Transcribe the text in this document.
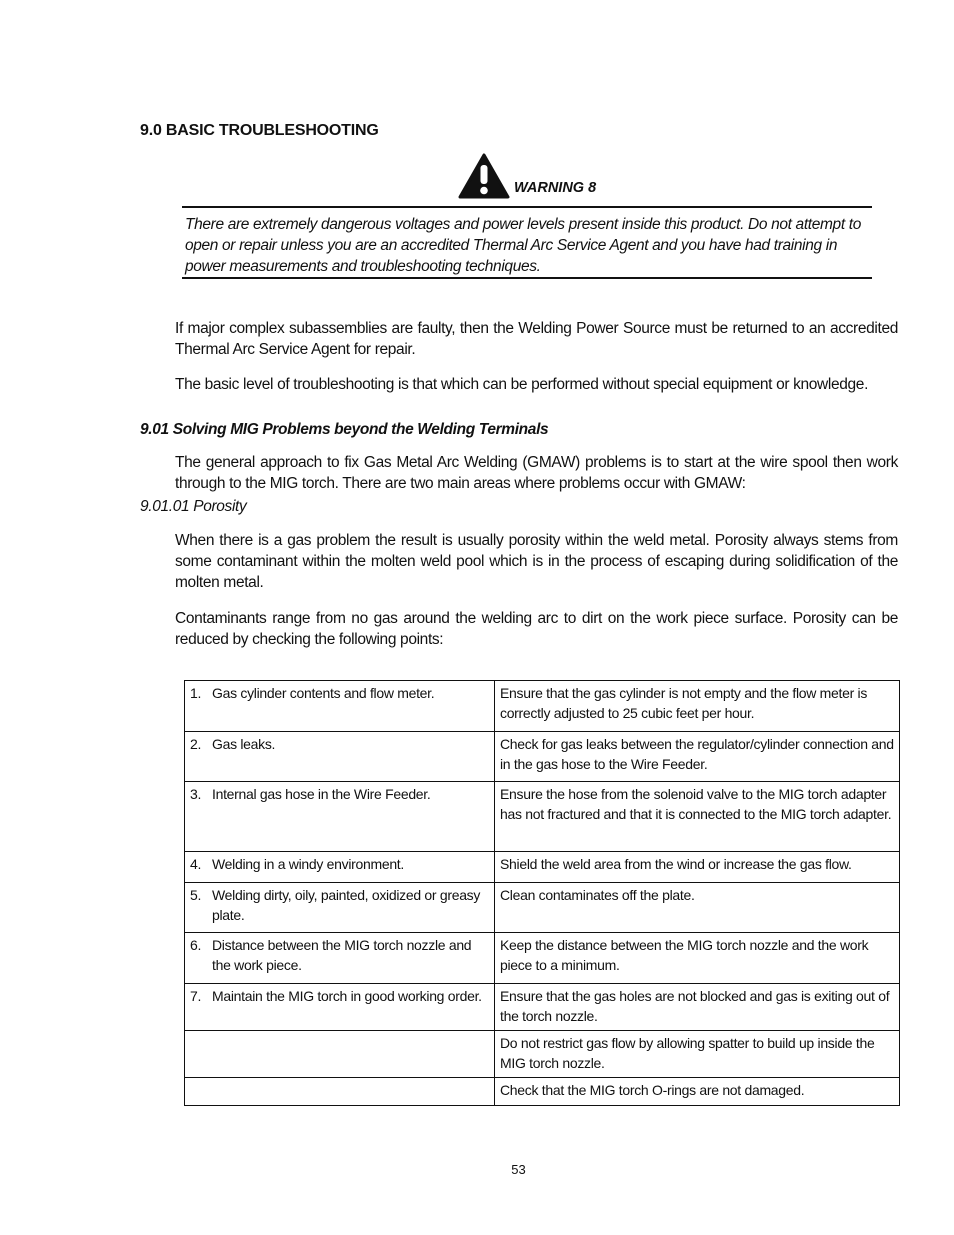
9.0 BASIC TROUBLESHOOTING
WARNING 8
There are extremely dangerous voltages and power levels present inside this product. Do not attempt to open or repair unless you are an accredited Thermal Arc Service Agent and you have had training in power measurements and troubleshooting techniques.
If major complex subassemblies are faulty, then the Welding Power Source must be returned to an accredited Thermal Arc Service Agent for repair.
The basic level of troubleshooting is that which can be performed without special equipment or knowledge.
9.01 Solving MIG Problems beyond the Welding Terminals
The general approach to fix Gas Metal Arc Welding (GMAW) problems is to start at the wire spool then work through to the MIG torch. There are two main areas where problems occur with GMAW:
9.01.01 Porosity
When there is a gas problem the result is usually porosity within the weld metal. Porosity always stems from some contaminant within the molten weld pool which is in the process of escaping during solidification of the molten metal.
Contaminants range from no gas around the welding arc to dirt on the work piece surface. Porosity can be reduced by checking the following points:
1. Gas cylinder contents and flow meter.	Ensure that the gas cylinder is not empty and the flow meter is correctly adjusted to 25 cubic feet per hour.

2. Gas leaks.	Check for gas leaks between the regulator/cylinder connection and in the gas hose to the Wire Feeder.

3. Internal gas hose in the Wire Feeder.	Ensure the hose from the solenoid valve to the MIG torch adapter has not fractured and that it is connected to the MIG torch adapter.

4. Welding in a windy environment.	Shield the weld area from the wind or increase the gas flow.

5. Welding dirty, oily, painted, oxidized or greasy plate.	Clean contaminates off the plate.

6. Distance between the MIG torch nozzle and the work piece.	Keep the distance between the MIG torch nozzle and the work piece to a minimum.

7. Maintain the MIG torch in good working order.	Ensure that the gas holes are not blocked and gas is exiting out of the torch nozzle.

	Do not restrict gas flow by allowing spatter to build up inside the MIG torch nozzle.

	Check that the MIG torch O-rings are not damaged.
53
